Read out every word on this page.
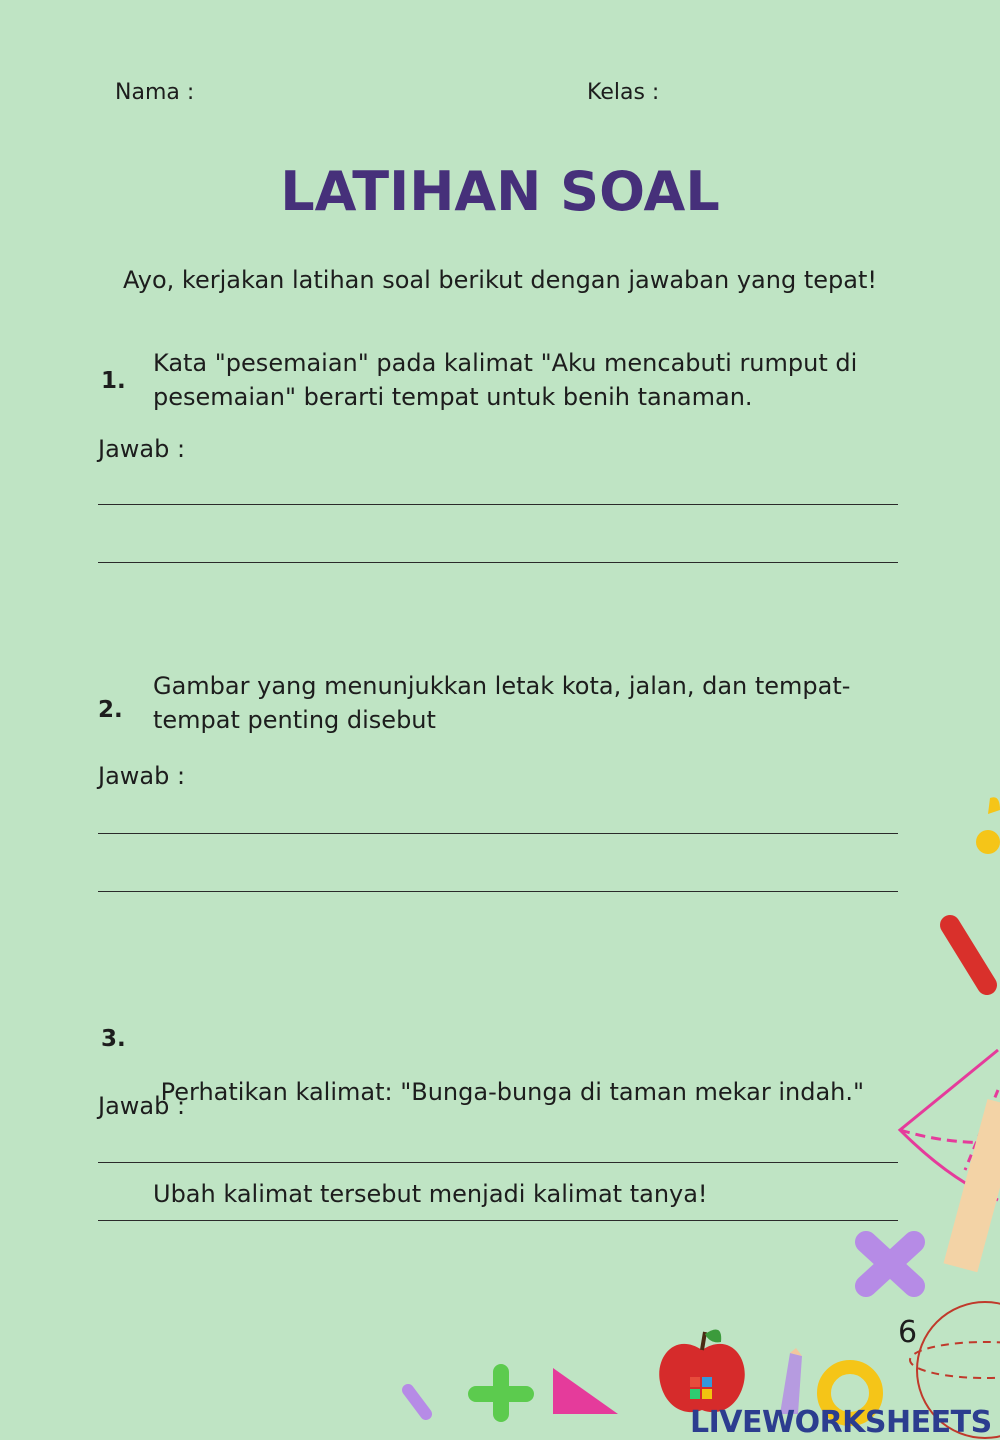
Nama :	Kelas :
LATIHAN SOAL
Ayo, kerjakan latihan soal berikut dengan jawaban yang tepat!
1.
Kata "pesemaian" pada kalimat "Aku mencabuti rumput di
pesemaian" berarti tempat untuk benih tanaman.
Jawab :
2.
Gambar yang menunjukkan letak kota, jalan, dan tempat-
tempat penting disebut
Jawab :
3.

Perhatikan kalimat: "Bunga-bunga di taman mekar indah."

Ubah kalimat tersebut menjadi kalimat tanya!

Jawab :
6
LIVEWORKSHEETS
